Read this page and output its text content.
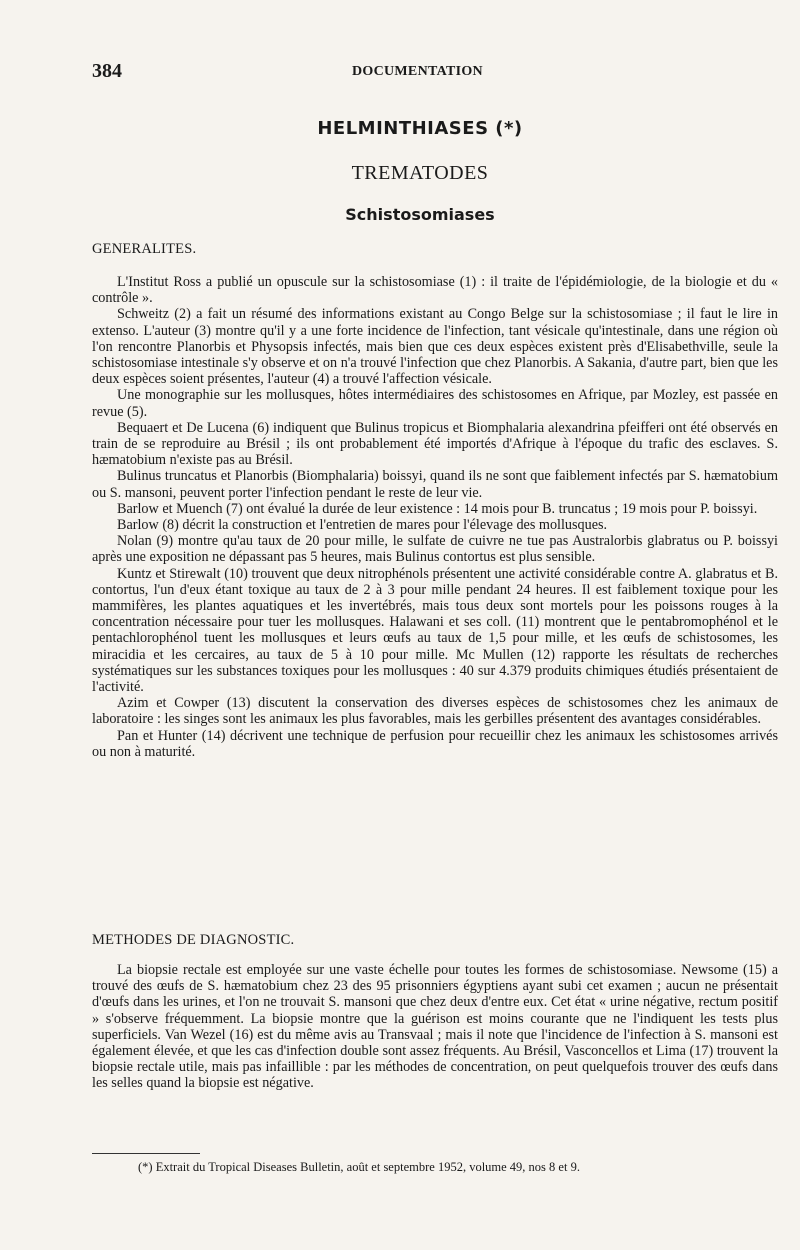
384	DOCUMENTATION
HELMINTHIASES (*)
TREMATODES
Schistosomiases
GENERALITES.

L'Institut Ross a publié un opuscule sur la schistosomiase (1) : il traite de l'épidémiologie, de la biologie et du « contrôle ».

Schweitz (2) a fait un résumé des informations existant au Congo Belge sur la schistosomiase ; il faut le lire in extenso. L'auteur (3) montre qu'il y a une forte incidence de l'infection, tant vésicale qu'intestinale, dans une région où l'on rencontre Planorbis et Physopsis infectés, mais bien que ces deux espèces existent près d'Elisabethville, seule la schistosomiase intestinale s'y observe et on n'a trouvé l'infection que chez Planorbis. A Sakania, d'autre part, bien que les deux espèces soient présentes, l'auteur (4) a trouvé l'affection vésicale.

Une monographie sur les mollusques, hôtes intermédiaires des schistosomes en Afrique, par Mozley, est passée en revue (5).

Bequaert et De Lucena (6) indiquent que Bulinus tropicus et Biomphalaria alexandrina pfeifferi ont été observés en train de se reproduire au Brésil ; ils ont probablement été importés d'Afrique à l'époque du trafic des esclaves. S. hæmatobium n'existe pas au Brésil.

Bulinus truncatus et Planorbis (Biomphalaria) boissyi, quand ils ne sont que faiblement infectés par S. hæmatobium ou S. mansoni, peuvent porter l'infection pendant le reste de leur vie.

Barlow et Muench (7) ont évalué la durée de leur existence : 14 mois pour B. truncatus ; 19 mois pour P. boissyi.

Barlow (8) décrit la construction et l'entretien de mares pour l'élevage des mollusques.

Nolan (9) montre qu'au taux de 20 pour mille, le sulfate de cuivre ne tue pas Australorbis glabratus ou P. boissyi après une exposition ne dépassant pas 5 heures, mais Bulinus contortus est plus sensible.

Kuntz et Stirewalt (10) trouvent que deux nitrophénols présentent une activité considérable contre A. glabratus et B. contortus, l'un d'eux étant toxique au taux de 2 à 3 pour mille pendant 24 heures. Il est faiblement toxique pour les mammifères, les plantes aquatiques et les invertébrés, mais tous deux sont mortels pour les poissons rouges à la concentration nécessaire pour tuer les mollusques. Halawani et ses coll. (11) montrent que le pentabromophénol et le pentachlorophénol tuent les mollusques et leurs œufs au taux de 1,5 pour mille, et les œufs de schistosomes, les miracidia et les cercaires, au taux de 5 à 10 pour mille. Mc Mullen (12) rapporte les résultats de recherches systématiques sur les substances toxiques pour les mollusques : 40 sur 4.379 produits chimiques étudiés présentaient de l'activité.

Azim et Cowper (13) discutent la conservation des diverses espèces de schistosomes chez les animaux de laboratoire : les singes sont les animaux les plus favorables, mais les gerbilles présentent des avantages considérables.

Pan et Hunter (14) décrivent une technique de perfusion pour recueillir chez les animaux les schistosomes arrivés ou non à maturité.

METHODES DE DIAGNOSTIC.

La biopsie rectale est employée sur une vaste échelle pour toutes les formes de schistosomiase. Newsome (15) a trouvé des œufs de S. hæmatobium chez 23 des 95 prisonniers égyptiens ayant subi cet examen ; aucun ne présentait d'œufs dans les urines, et l'on ne trouvait S. mansoni que chez deux d'entre eux. Cet état « urine négative, rectum positif » s'observe fréquemment. La biopsie montre que la guérison est moins courante que ne l'indiquent les tests plus superficiels. Van Wezel (16) est du même avis au Transvaal ; mais il note que l'incidence de l'infection à S. mansoni est également élevée, et que les cas d'infection double sont assez fréquents. Au Brésil, Vasconcellos et Lima (17) trouvent la biopsie rectale utile, mais pas infaillible : par les méthodes de concentration, on peut quelquefois trouver des œufs dans les selles quand la biopsie est négative.

(*) Extrait du Tropical Diseases Bulletin, août et septembre 1952, volume 49, nos 8 et 9.
